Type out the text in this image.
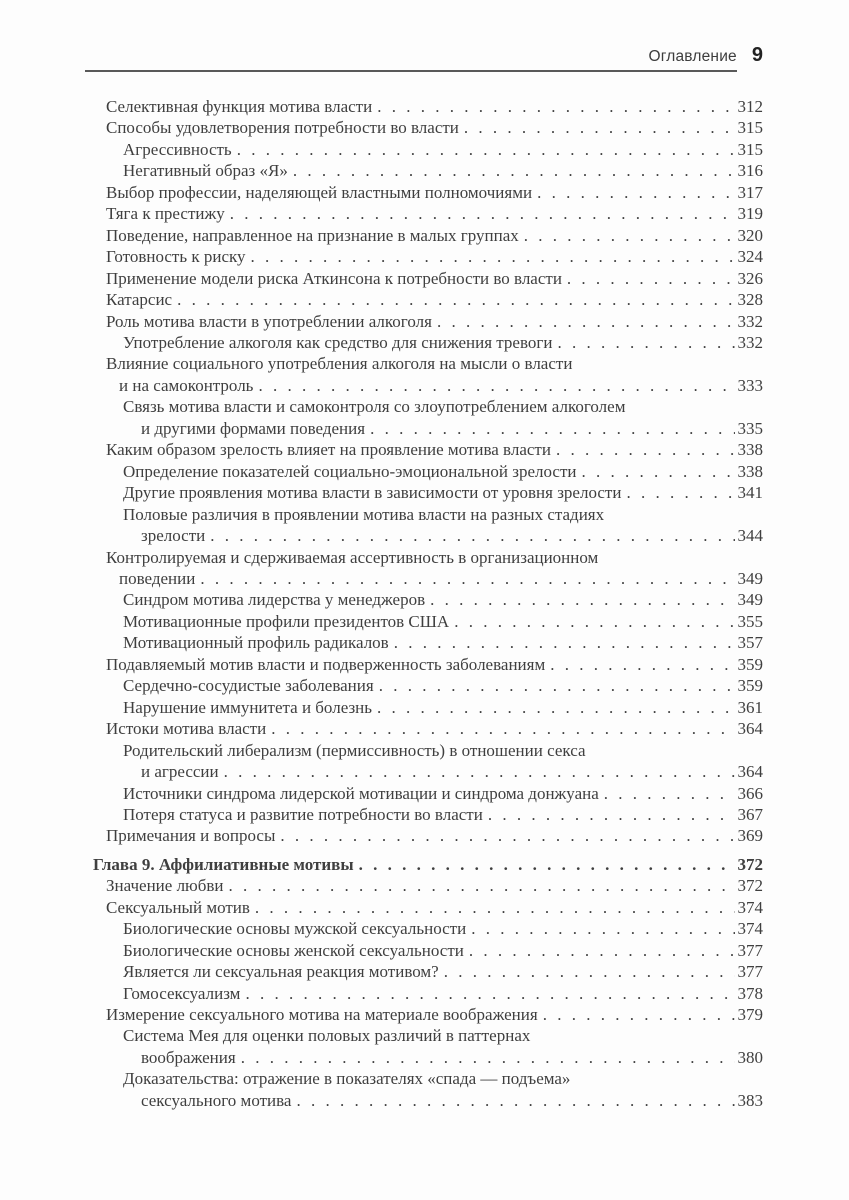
Оглавление 9
Селективная функция мотива власти . . .	312
Способы удовлетворения потребности во власти . . .	315
Агрессивность . . .	315
Негативный образ «Я» . . .	316
Выбор профессии, наделяющей властными полномочиями . . .	317
Тяга к престижу . . .	319
Поведение, направленное на признание в малых группах . . .	320
Готовность к риску . . .	324
Применение модели риска Аткинсона к потребности во власти . . .	326
Катарсис . . .	328
Роль мотива власти в употреблении алкоголя . . .	332
Употребление алкоголя как средство для снижения тревоги . . .	332
Влияние социального употребления алкоголя на мысли о власти
и на самоконтроль . . .	333
Связь мотива власти и самоконтроля со злоупотреблением алкоголем
и другими формами поведения . . .	335
Каким образом зрелость влияет на проявление мотива власти . . .	338
Определение показателей социально-эмоциональной зрелости . . .	338
Другие проявления мотива власти в зависимости от уровня зрелости . . .	341
Половые различия в проявлении мотива власти на разных стадиях
зрелости . . .	344
Контролируемая и сдерживаемая ассертивность в организационном
поведении . . .	349
Синдром мотива лидерства у менеджеров . . .	349
Мотивационные профили президентов США . . .	355
Мотивационный профиль радикалов . . .	357
Подавляемый мотив власти и подверженность заболеваниям . . .	359
Сердечно-сосудистые заболевания . . .	359
Нарушение иммунитета и болезнь . . .	361
Истоки мотива власти . . .	364
Родительский либерализм (пермиссивность) в отношении секса
и агрессии . . .	364
Источники синдрома лидерской мотивации и синдрома донжуана . . .	366
Потеря статуса и развитие потребности во власти . . .	367
Примечания и вопросы . . .	369
Глава 9. Аффилиативные мотивы . . .	372
Значение любви . . .	372
Сексуальный мотив . . .	374
Биологические основы мужской сексуальности . . .	374
Биологические основы женской сексуальности . . .	377
Является ли сексуальная реакция мотивом? . . .	377
Гомосексуализм . . .	378
Измерение сексуального мотива на материале воображения . . .	379
Система Мея для оценки половых различий в паттернах
воображения . . .	380
Доказательства: отражение в показателях «спада — подъема»
сексуального мотива . . .	383
